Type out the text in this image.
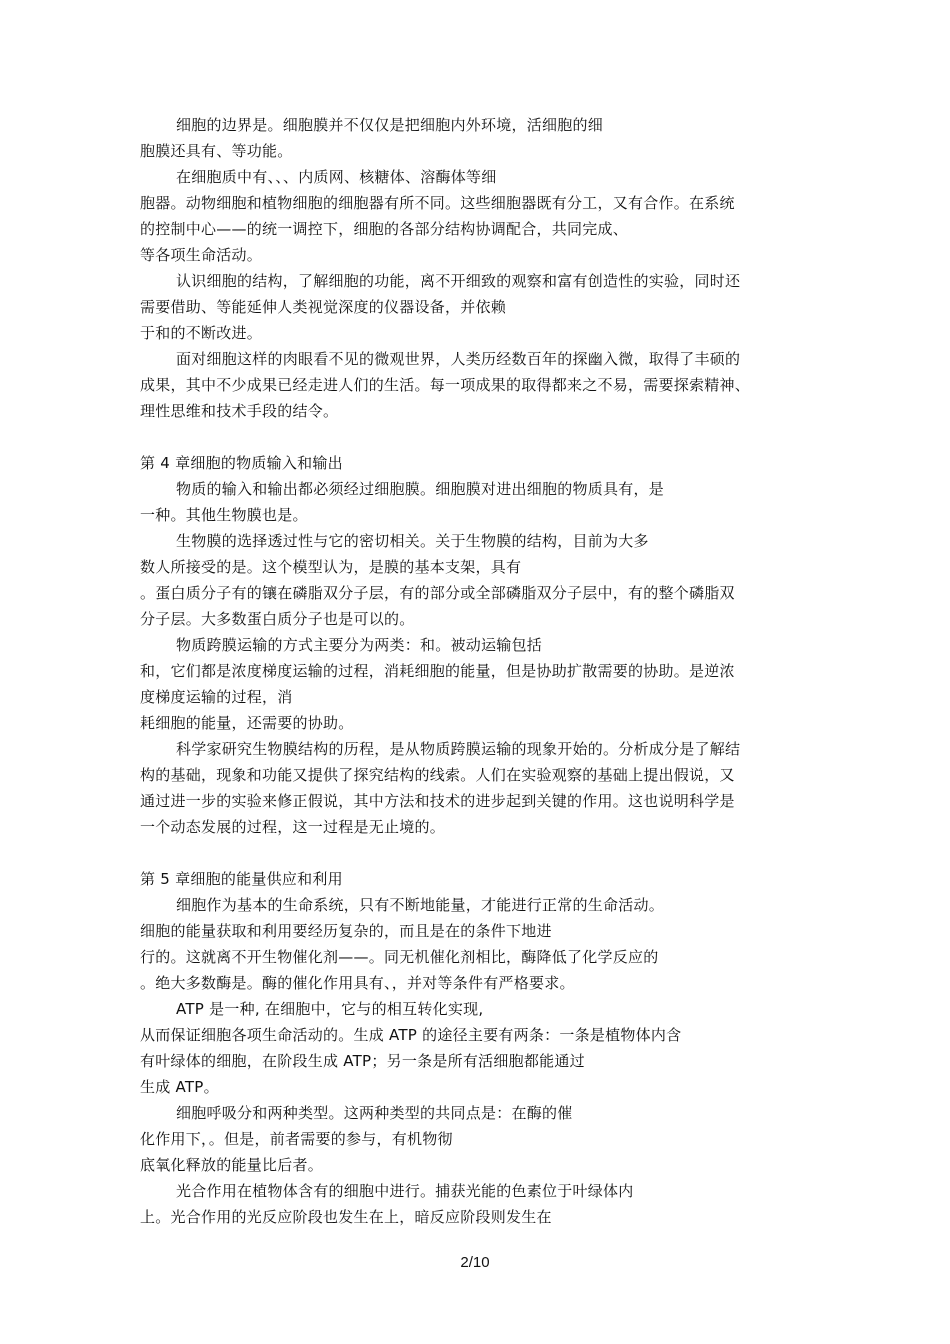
细胞的边界是。细胞膜并不仅仅是把细胞内外环境，活细胞的细
胞膜还具有、等功能。
在细胞质中有、、、内质网、核糖体、溶酶体等细
胞器。动物细胞和植物细胞的细胞器有所不同。这些细胞器既有分工，又有合作。在系统
的控制中心——的统一调控下，细胞的各部分结构协调配合，共同完成、
等各项生命活动。
认识细胞的结构，了解细胞的功能，离不开细致的观察和富有创造性的实验，同时还
需要借助、等能延伸人类视觉深度的仪器设备，并依赖
于和的不断改进。
面对细胞这样的肉眼看不见的微观世界，人类历经数百年的探幽入微，取得了丰硕的
成果，其中不少成果已经走进人们的生活。每一项成果的取得都来之不易，需要探索精神、
理性思维和技术手段的结令。
第 4 章细胞的物质输入和输出
物质的输入和输出都必须经过细胞膜。细胞膜对进出细胞的物质具有，是
一种。其他生物膜也是。
生物膜的选择透过性与它的密切相关。关于生物膜的结构，目前为大多
数人所接受的是。这个模型认为，是膜的基本支架，具有
。蛋白质分子有的镶在磷脂双分子层，有的部分或全部磷脂双分子层中，有的整个磷脂双
分子层。大多数蛋白质分子也是可以的。
物质跨膜运输的方式主要分为两类：和。被动运输包括
和，它们都是浓度梯度运输的过程，消耗细胞的能量，但是协助扩散需要的协助。是逆浓
度梯度运输的过程，消
耗细胞的能量，还需要的协助。
科学家研究生物膜结构的历程，是从物质跨膜运输的现象开始的。分析成分是了解结
构的基础，现象和功能又提供了探究结构的线索。人们在实验观察的基础上提出假说，又
通过进一步的实验来修正假说，其中方法和技术的进步起到关键的作用。这也说明科学是
一个动态发展的过程，这一过程是无止境的。
第 5 章细胞的能量供应和利用
细胞作为基本的生命系统，只有不断地能量，才能进行正常的生命活动。
细胞的能量获取和利用要经历复杂的，而且是在的条件下地进
行的。这就离不开生物催化剂——。同无机催化剂相比，酶降低了化学反应的
。绝大多数酶是。酶的催化作用具有、，并对等条件有严格要求。
ATP 是一种, 在细胞中，它与的相互转化实现,
从而保证细胞各项生命活动的。生成 ATP 的途径主要有两条：一条是植物体内含
有叶绿体的细胞，在阶段生成 ATP；另一条是所有活细胞都能通过
生成 ATP。
细胞呼吸分和两种类型。这两种类型的共同点是：在酶的催
化作用下，。但是，前者需要的参与，有机物彻
底氧化释放的能量比后者。
光合作用在植物体含有的细胞中进行。捕获光能的色素位于叶绿体内
上。光合作用的光反应阶段也发生在上，暗反应阶段则发生在
2/10
